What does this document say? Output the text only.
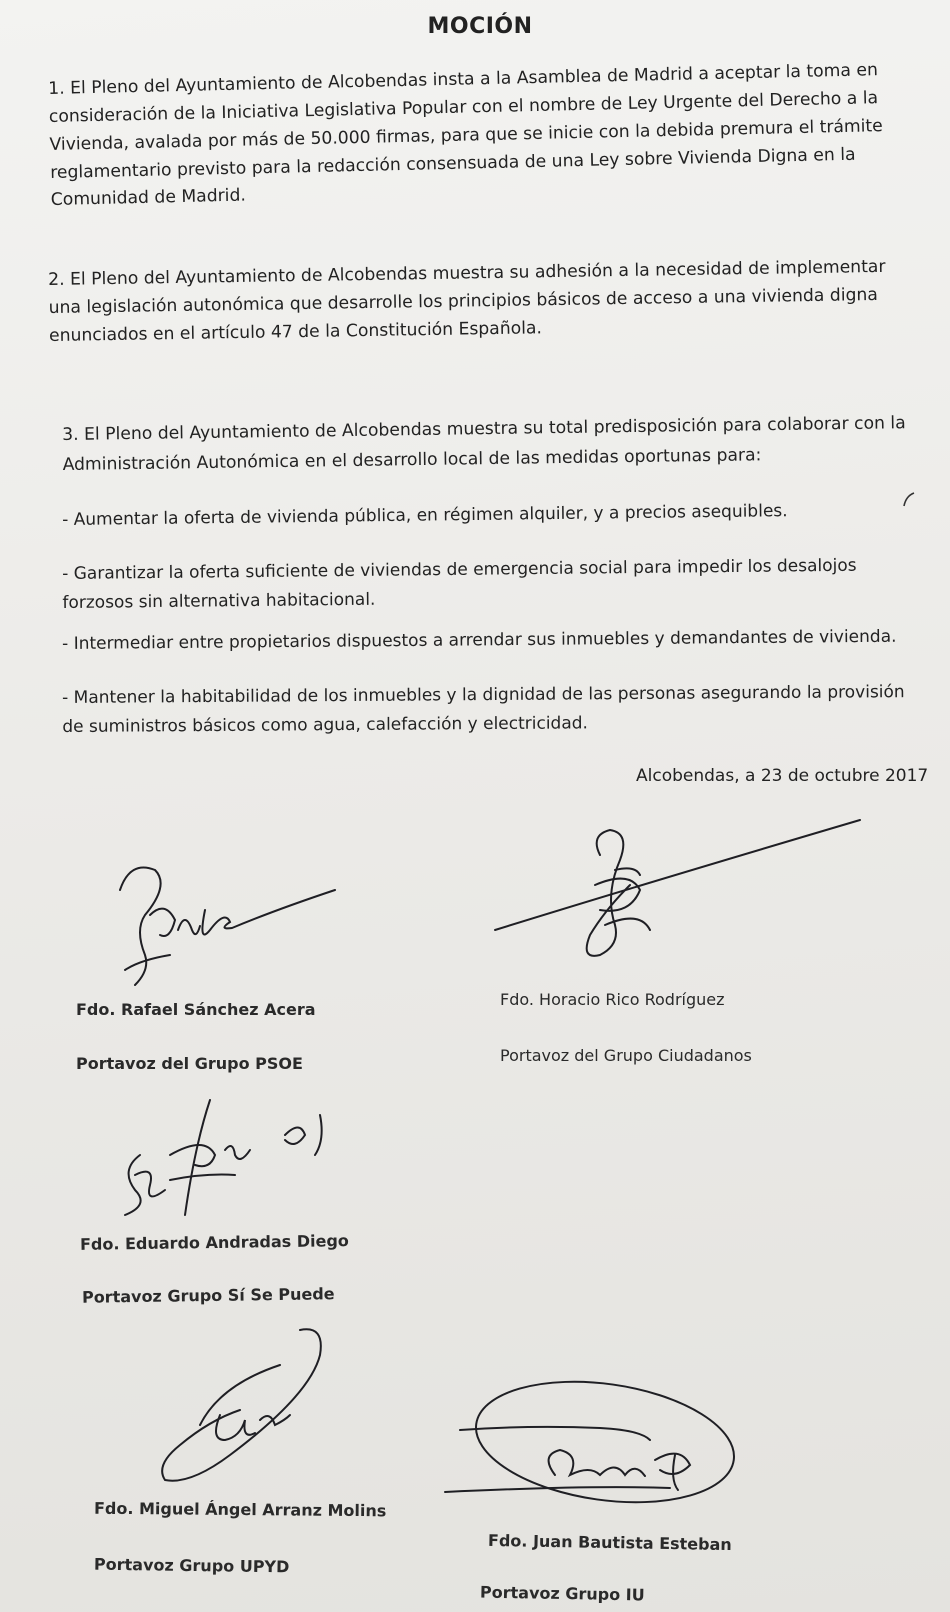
MOCIÓN
1. El Pleno del Ayuntamiento de Alcobendas insta a la Asamblea de Madrid a aceptar la toma en
consideración de la Iniciativa Legislativa Popular con el nombre de Ley Urgente del Derecho a la
Vivienda, avalada por más de 50.000 firmas, para que se inicie con la debida premura el trámite
reglamentario previsto para la redacción consensuada de una Ley sobre Vivienda Digna en la
Comunidad de Madrid.
2. El Pleno del Ayuntamiento de Alcobendas muestra su adhesión a la necesidad de implementar
una legislación autonómica que desarrolle los principios básicos de acceso a una vivienda digna
enunciados en el artículo 47 de la Constitución Española.
3. El Pleno del Ayuntamiento de Alcobendas muestra su total predisposición para colaborar con la
Administración Autonómica en el desarrollo local de las medidas oportunas para:
- Aumentar la oferta de vivienda pública, en régimen alquiler, y a precios asequibles.
- Garantizar la oferta suficiente de viviendas de emergencia social para impedir los desalojos
forzosos sin alternativa habitacional.
- Intermediar entre propietarios dispuestos a arrendar sus inmuebles y demandantes de vivienda.
- Mantener la habitabilidad de los inmuebles y la dignidad de las personas asegurando la provisión
de suministros básicos como agua, calefacción y electricidad.
Alcobendas, a 23 de octubre 2017
Fdo. Rafael Sánchez Acera
Portavoz del Grupo PSOE
Fdo. Horacio Rico Rodríguez
Portavoz del Grupo Ciudadanos
Fdo. Eduardo Andradas Diego
Portavoz Grupo Sí Se Puede
Fdo. Miguel Ángel Arranz Molins
Portavoz Grupo UPYD
Fdo. Juan Bautista Esteban
Portavoz Grupo IU
